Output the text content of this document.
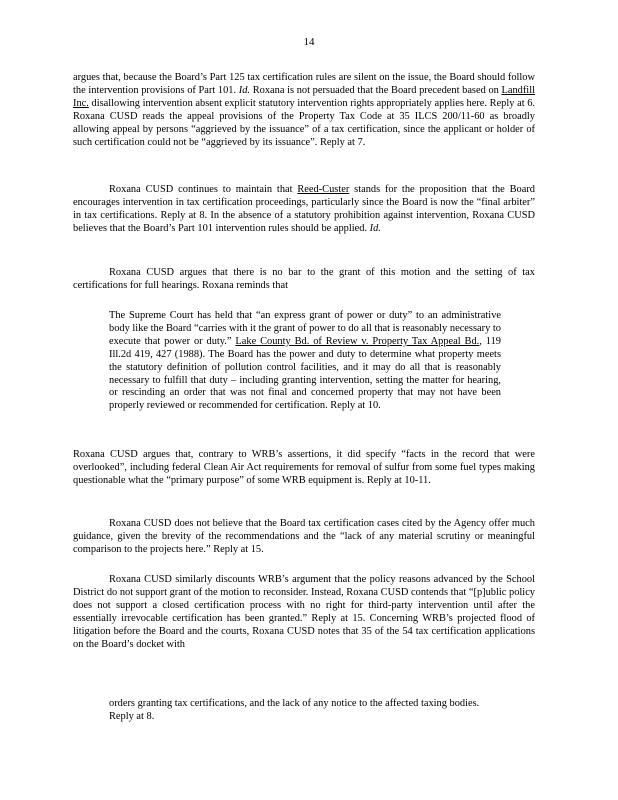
14

argues that, because the Board’s Part 125 tax certification rules are silent on the issue, the Board should follow the intervention provisions of Part 101. Id. Roxana is not persuaded that the Board precedent based on Landfill Inc. disallowing intervention absent explicit statutory intervention rights appropriately applies here. Reply at 6. Roxana CUSD reads the appeal provisions of the Property Tax Code at 35 ILCS 200/11-60 as broadly allowing appeal by persons “aggrieved by the issuance” of a tax certification, since the applicant or holder of such certification could not be “aggrieved by its issuance”. Reply at 7.

Roxana CUSD continues to maintain that Reed-Custer stands for the proposition that the Board encourages intervention in tax certification proceedings, particularly since the Board is now the “final arbiter” in tax certifications. Reply at 8. In the absence of a statutory prohibition against intervention, Roxana CUSD believes that the Board’s Part 101 intervention rules should be applied. Id.

Roxana CUSD argues that there is no bar to the grant of this motion and the setting of tax certifications for full hearings. Roxana reminds that

The Supreme Court has held that “an express grant of power or duty” to an administrative body like the Board “carries with it the grant of power to do all that is reasonably necessary to execute that power or duty.” Lake County Bd. of Review v. Property Tax Appeal Bd., 119 Ill.2d 419, 427 (1988). The Board has the power and duty to determine what property meets the statutory definition of pollution control facilities, and it may do all that is reasonably necessary to fulfill that duty – including granting intervention, setting the matter for hearing, or rescinding an order that was not final and concerned property that may not have been properly reviewed or recommended for certification. Reply at 10.

Roxana CUSD argues that, contrary to WRB’s assertions, it did specify “facts in the record that were overlooked”, including federal Clean Air Act requirements for removal of sulfur from some fuel types making questionable what the “primary purpose” of some WRB equipment is. Reply at 10-11.

Roxana CUSD does not believe that the Board tax certification cases cited by the Agency offer much guidance, given the brevity of the recommendations and the “lack of any material scrutiny or meaningful comparison to the projects here.” Reply at 15.

Roxana CUSD similarly discounts WRB’s argument that the policy reasons advanced by the School District do not support grant of the motion to reconsider. Instead, Roxana CUSD contends that “[p]ublic policy does not support a closed certification process with no right for third-party intervention until after the essentially irrevocable certification has been granted.” Reply at 15. Concerning WRB’s projected flood of litigation before the Board and the courts, Roxana CUSD notes that 35 of the 54 tax certification applications on the Board’s docket with

orders granting tax certifications, and the lack of any notice to the affected taxing bodies. Reply at 8.
